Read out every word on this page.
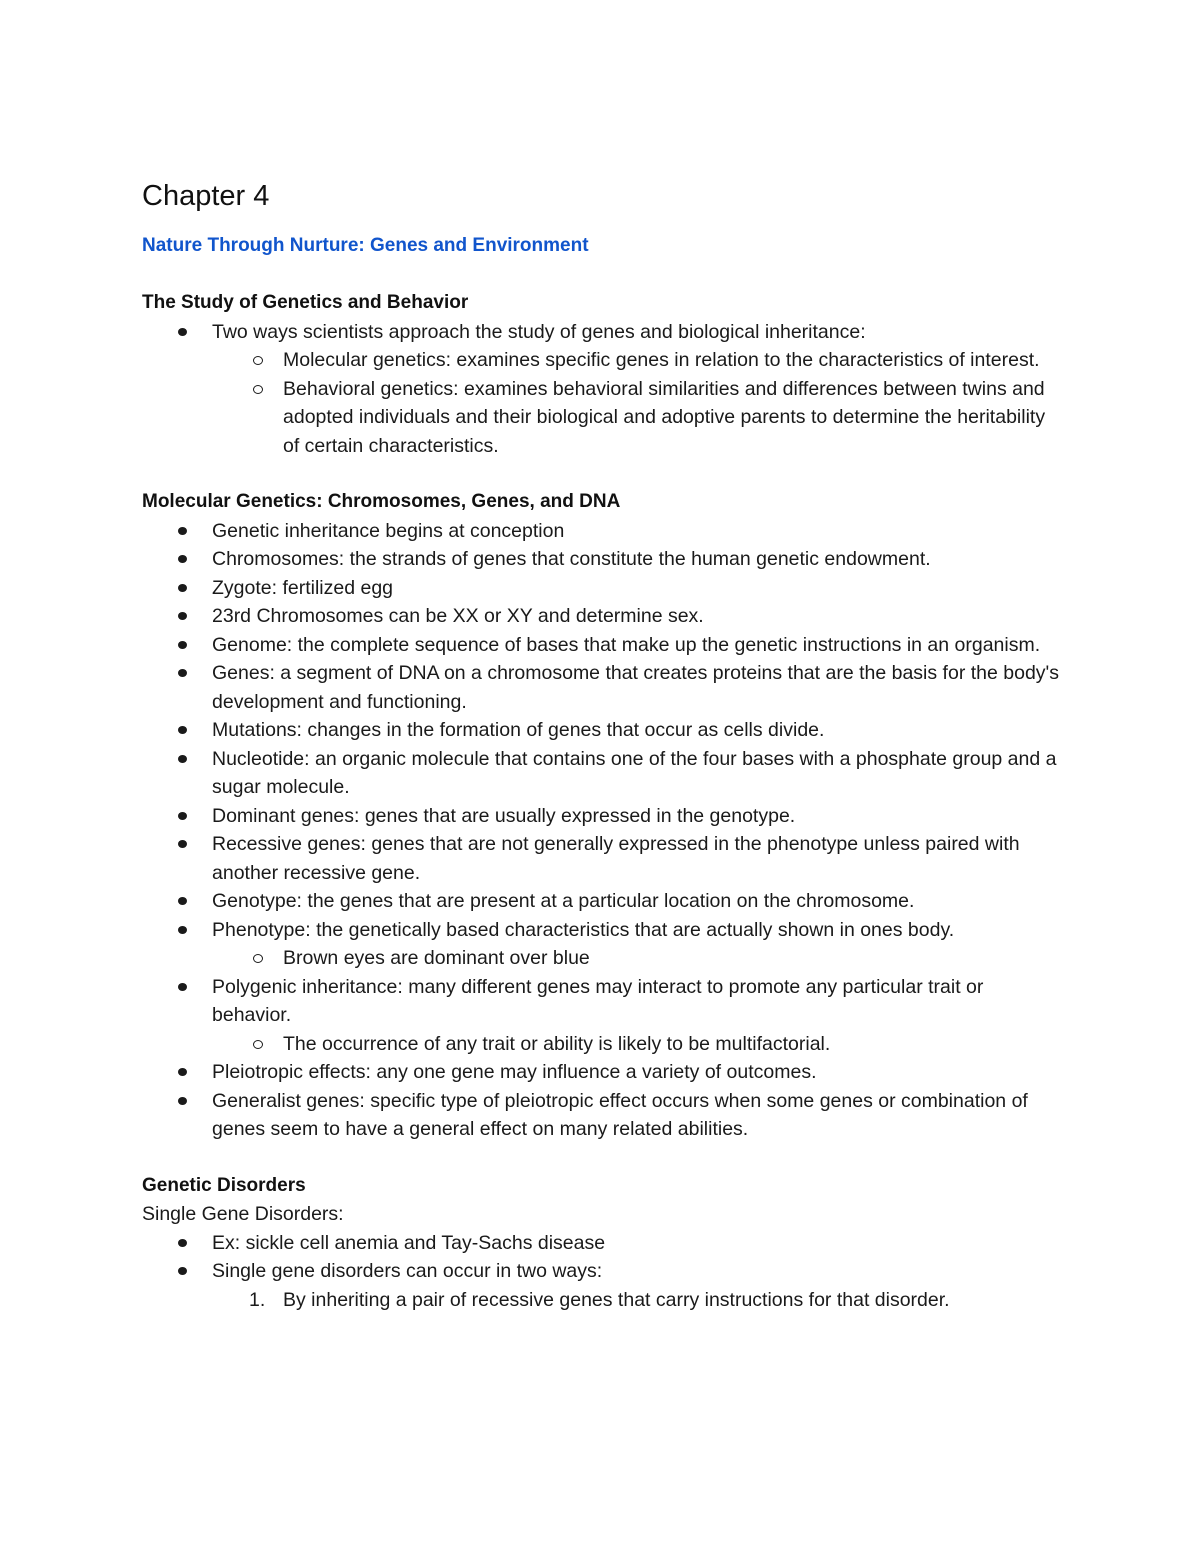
Chapter 4
Nature Through Nurture: Genes and Environment
The Study of Genetics and Behavior
Two ways scientists approach the study of genes and biological inheritance:
Molecular genetics: examines specific genes in relation to the characteristics of interest.
Behavioral genetics: examines behavioral similarities and differences between twins and adopted individuals and their biological and adoptive parents to determine the heritability of certain characteristics.
Molecular Genetics: Chromosomes, Genes, and DNA
Genetic inheritance begins at conception
Chromosomes: the strands of genes that constitute the human genetic endowment.
Zygote: fertilized egg
23rd Chromosomes can be XX or XY and determine sex.
Genome: the complete sequence of bases that make up the genetic instructions in an organism.
Genes: a segment of DNA on a chromosome that creates proteins that are the basis for the body's development and functioning.
Mutations: changes in the formation of genes that occur as cells divide.
Nucleotide: an organic molecule that contains one of the four bases with a phosphate group and a sugar molecule.
Dominant genes: genes that are usually expressed in the genotype.
Recessive genes: genes that are not generally expressed in the phenotype unless paired with another recessive gene.
Genotype: the genes that are present at a particular location on the chromosome.
Phenotype: the genetically based characteristics that are actually shown in ones body.
Brown eyes are dominant over blue
Polygenic inheritance: many different genes may interact to promote any particular trait or behavior.
The occurrence of any trait or ability is likely to be multifactorial.
Pleiotropic effects: any one gene may influence a variety of outcomes.
Generalist genes: specific type of pleiotropic effect occurs when some genes or combination of genes seem to have a general effect on many related abilities.
Genetic Disorders
Single Gene Disorders:
Ex: sickle cell anemia and Tay-Sachs disease
Single gene disorders can occur in two ways:
1. By inheriting a pair of recessive genes that carry instructions for that disorder.
